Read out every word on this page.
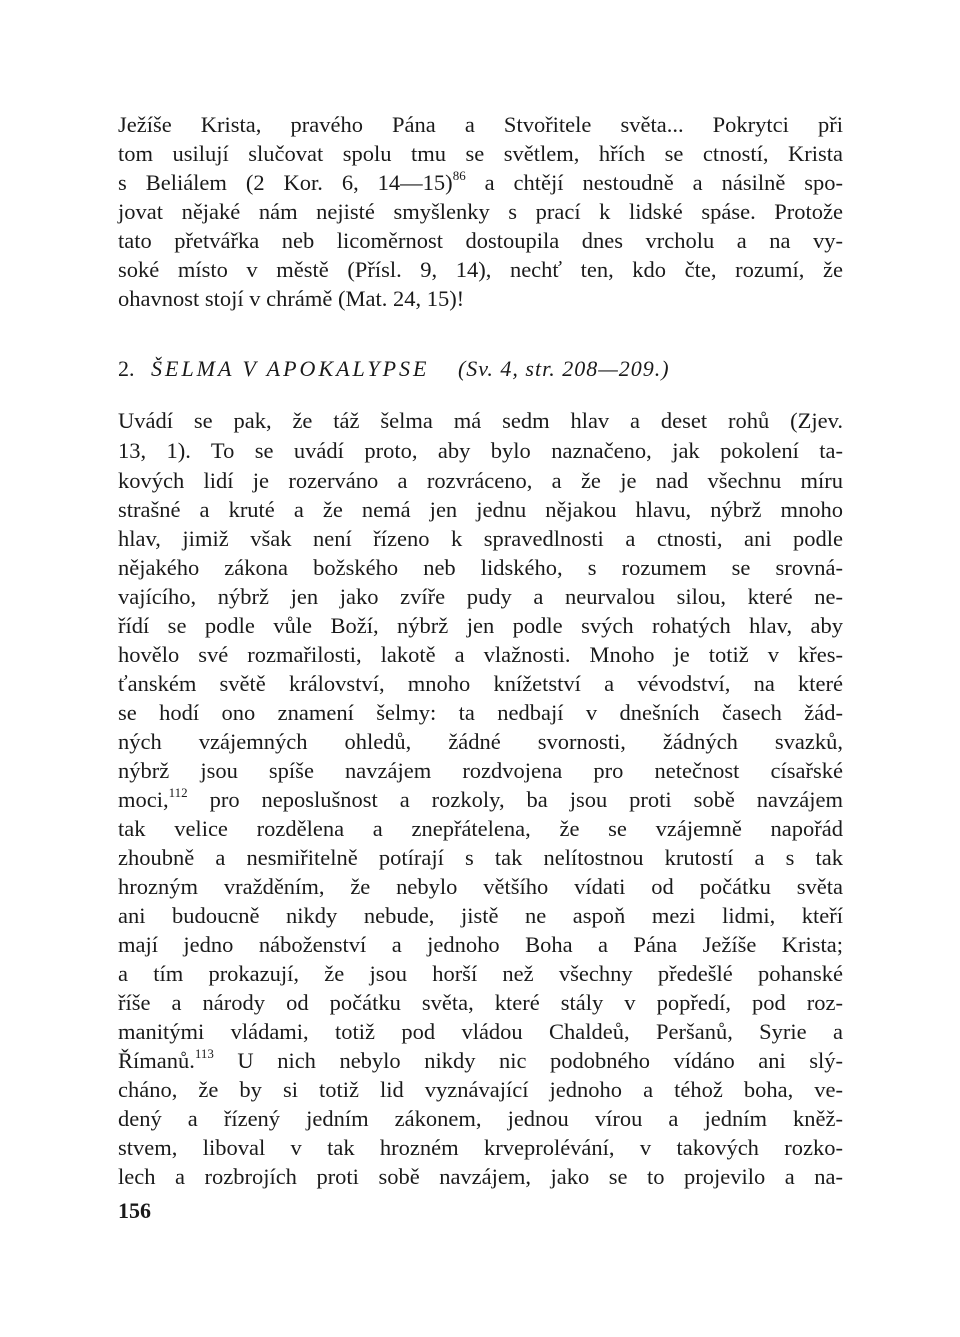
Ježíše Krista, pravého Pána a Stvořitele světa... Pokrytci při

tom usilují slučovat spolu tmu se světlem, hřích se ctností, Krista

s Beliálem (2 Kor. 6, 14—15)$^{86}$ a chtějí nestoudně a násilně spo-

jovat nějaké nám nejisté smyšlenky s prací k lidské spáse. Protože

tato přetvářka neb licoměrnost dostoupila dnes vrcholu a na vy-

soké místo v městě (Přísl. 9, 14), nechť ten, kdo čte, rozumí, že

ohavnost stojí v chrámě (Mat. 24, 15)!

2. ŠELMA V APOKALYPSE (Sv. 4, str. 208—209.)

Uvádí se pak, že táž šelma má sedm hlav a deset rohů (Zjev.

13, 1). To se uvádí proto, aby bylo naznačeno, jak pokolení ta-

kových lidí je rozerváno a rozvráceno, a že je nad všechnu míru

strašné a kruté a že nemá jen jednu nějakou hlavu, nýbrž mnoho

hlav, jimiž však není řízeno k spravedlnosti a ctnosti, ani podle

nějakého zákona božského neb lidského, s rozumem se srovná-

vajícího, nýbrž jen jako zvíře pudy a neurvalou silou, které ne-

řídí se podle vůle Boží, nýbrž jen podle svých rohatých hlav, aby

hovělo své rozmařilosti, lakotě a vlažnosti. Mnoho je totiž v křes-

ťanském světě království, mnoho knížetství a vévodství, na které

se hodí ono znamení šelmy: ta nedbají v dnešních časech žád-

ných vzájemných ohledů, žádné svornosti, žádných svazků,

nýbrž jsou spíše navzájem rozdvojena pro netečnost císařské

moci,$^{112}$ pro neposlušnost a rozkoly, ba jsou proti sobě navzájem

tak velice rozdělena a znepřátelena, že se vzájemně napořád

zhoubně a nesmiřitelně potírají s tak nelítostnou krutostí a s tak

hrozným vražděním, že nebylo většího vídati od počátku světa

ani budoucně nikdy nebude, jistě ne aspoň mezi lidmi, kteří

mají jedno náboženství a jednoho Boha a Pána Ježíše Krista;

a tím prokazují, že jsou horší než všechny předešlé pohanské

říše a národy od počátku světa, které stály v popředí, pod roz-

manitými vládami, totiž pod vládou Chaldeů, Peršanů, Syrie a

Římanů.$^{113}$ U nich nebylo nikdy nic podobného vídáno ani slý-

cháno, že by si totiž lid vyznávající jednoho a téhož boha, ve-

dený a řízený jedním zákonem, jednou vírou a jedním kněž-

stvem, liboval v tak hrozném krveprolévání, v takových rozko-

lech a rozbrojích proti sobě navzájem, jako se to projevilo a na-

156
